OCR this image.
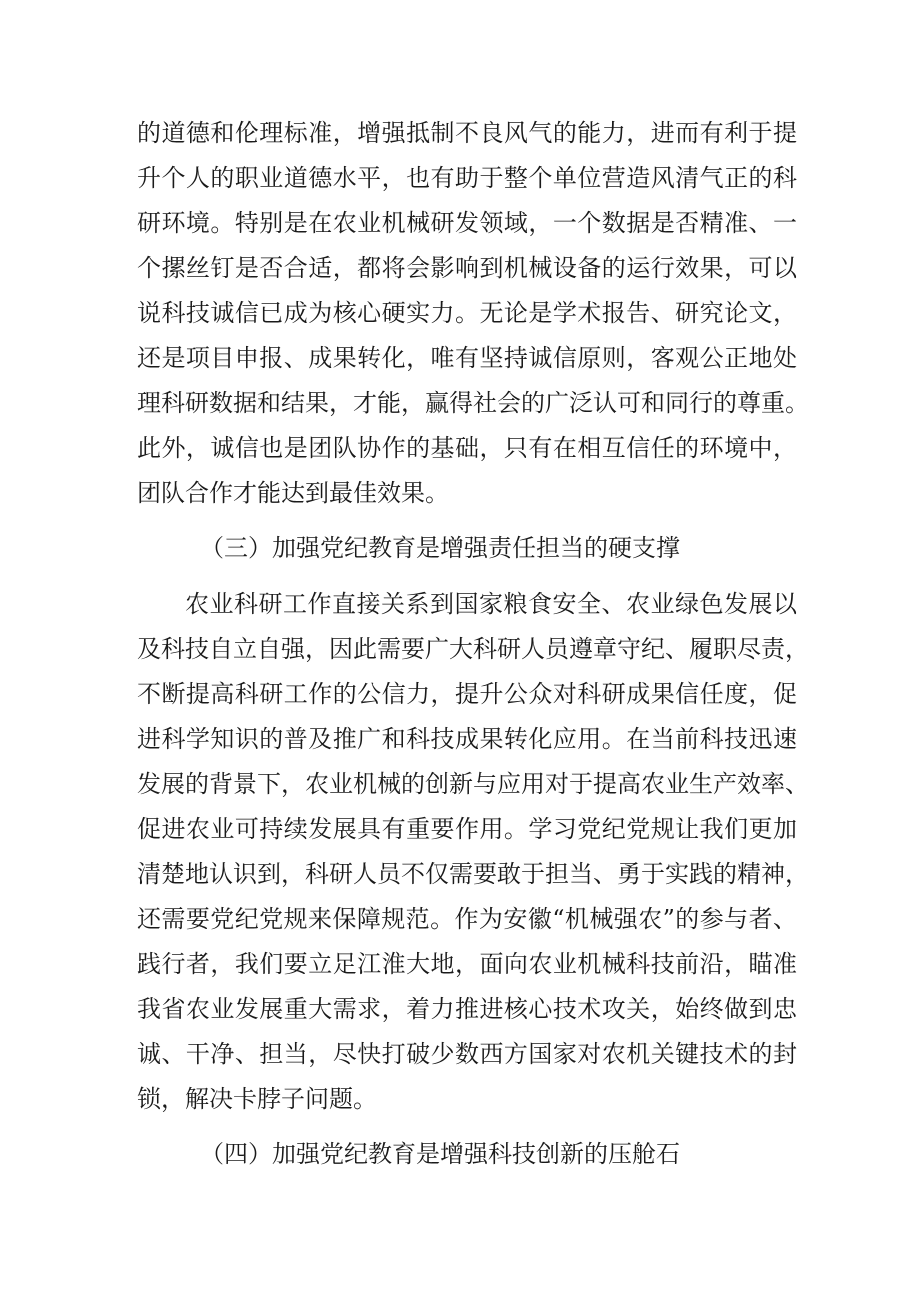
的道德和伦理标准，增强抵制不良风气的能力，进而有利于提
升个人的职业道德水平，也有助于整个单位营造风清气正的科
研环境。特别是在农业机械研发领域，一个数据是否精准、一
个摞丝钉是否合适，都将会影响到机械设备的运行效果，可以
说科技诚信已成为核心硬实力。无论是学术报告、研究论文，
还是项目申报、成果转化，唯有坚持诚信原则，客观公正地处
理科研数据和结果，才能，赢得社会的广泛认可和同行的尊重。
此外，诚信也是团队协作的基础，只有在相互信任的环境中，
团队合作才能达到最佳效果。
（三）加强党纪教育是增强责任担当的硬支撑
农业科研工作直接关系到国家粮食安全、农业绿色发展以
及科技自立自强，因此需要广大科研人员遵章守纪、履职尽责，
不断提高科研工作的公信力，提升公众对科研成果信任度，促
进科学知识的普及推广和科技成果转化应用。在当前科技迅速
发展的背景下，农业机械的创新与应用对于提高农业生产效率、
促进农业可持续发展具有重要作用。学习党纪党规让我们更加
清楚地认识到，科研人员不仅需要敢于担当、勇于实践的精神，
还需要党纪党规来保障规范。作为安徽“机械强农”的参与者、
践行者，我们要立足江淮大地，面向农业机械科技前沿，瞄准
我省农业发展重大需求，着力推进核心技术攻关，始终做到忠
诚、干净、担当，尽快打破少数西方国家对农机关键技术的封
锁，解决卡脖子问题。
（四）加强党纪教育是增强科技创新的压舱石
